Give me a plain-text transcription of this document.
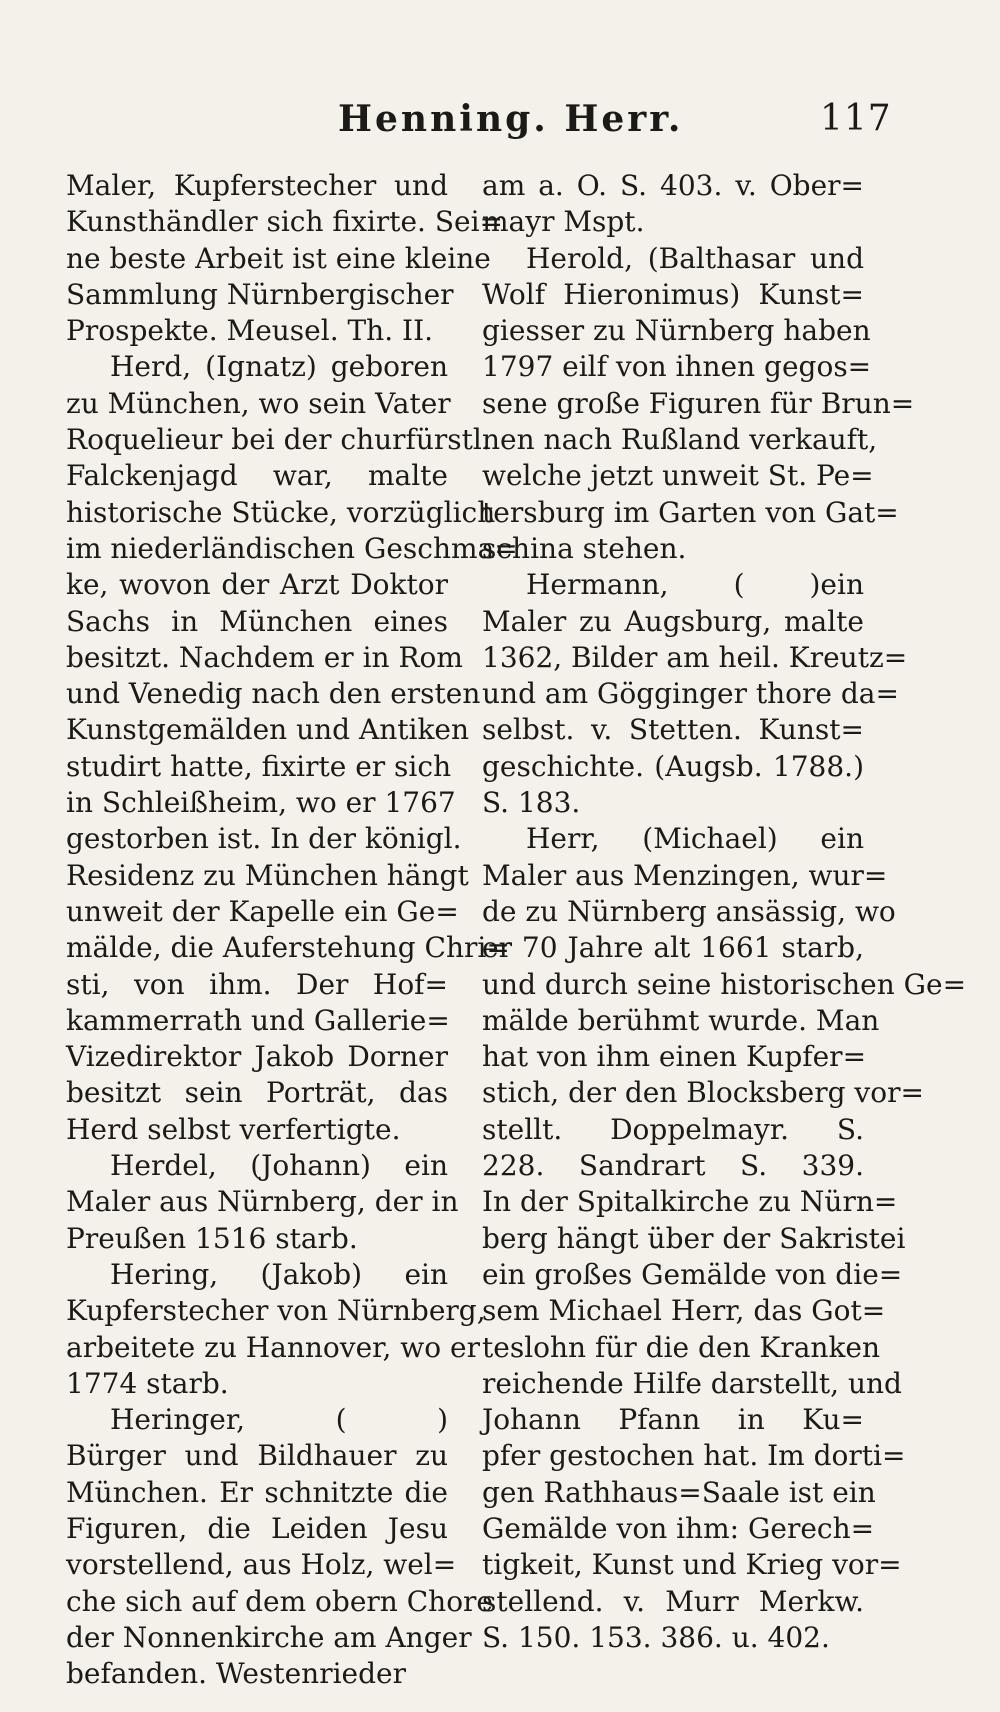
Henning. Herr.	117
Maler, Kupferstecher und
Kunsthändler sich fixirte. Sei=
ne beste Arbeit ist eine kleine
Sammlung Nürnbergischer
Prospekte. Meusel. Th. II.
Herd, (Ignatz) geboren
zu München, wo sein Vater
Roquelieur bei der churfürstl.
Falckenjagd war, malte
historische Stücke, vorzüglich
im niederländischen Geschma=
ke, wovon der Arzt Doktor
Sachs in München eines
besitzt. Nachdem er in Rom
und Venedig nach den ersten
Kunstgemälden und Antiken
studirt hatte, fixirte er sich
in Schleißheim, wo er 1767
gestorben ist. In der königl.
Residenz zu München hängt
unweit der Kapelle ein Ge=
mälde, die Auferstehung Chri=
sti, von ihm. Der Hof=
kammerrath und Gallerie=
Vizedirektor Jakob Dorner
besitzt sein Porträt, das
Herd selbst verfertigte.
Herdel, (Johann) ein
Maler aus Nürnberg, der in
Preußen 1516 starb.
Hering, (Jakob) ein
Kupferstecher von Nürnberg,
arbeitete zu Hannover, wo er
1774 starb.
Heringer, ( )
Bürger und Bildhauer zu
München. Er schnitzte die
Figuren, die Leiden Jesu
vorstellend, aus Holz, wel=
che sich auf dem obern Chore
der Nonnenkirche am Anger
befanden. Westenrieder
am a. O. S. 403. v. Ober=
mayr Mspt.
Herold, (Balthasar und
Wolf Hieronimus) Kunst=
giesser zu Nürnberg haben
1797 eilf von ihnen gegos=
sene große Figuren für Brun=
nen nach Rußland verkauft,
welche jetzt unweit St. Pe=
tersburg im Garten von Gat=
schina stehen.
Hermann, ( )ein
Maler zu Augsburg, malte
1362, Bilder am heil. Kreutz=
und am Gögginger thore da=
selbst. v. Stetten. Kunst=
geschichte. (Augsb. 1788.)
S. 183.
Herr, (Michael) ein
Maler aus Menzingen, wur=
de zu Nürnberg ansässig, wo
er 70 Jahre alt 1661 starb,
und durch seine historischen Ge=
mälde berühmt wurde. Man
hat von ihm einen Kupfer=
stich, der den Blocksberg vor=
stellt. Doppelmayr. S.
228. Sandrart S. 339.
In der Spitalkirche zu Nürn=
berg hängt über der Sakristei
ein großes Gemälde von die=
sem Michael Herr, das Got=
teslohn für die den Kranken
reichende Hilfe darstellt, und
Johann Pfann in Ku=
pfer gestochen hat. Im dorti=
gen Rathhaus=Saale ist ein
Gemälde von ihm: Gerech=
tigkeit, Kunst und Krieg vor=
stellend. v. Murr Merkw.
S. 150. 153. 386. u. 402.
